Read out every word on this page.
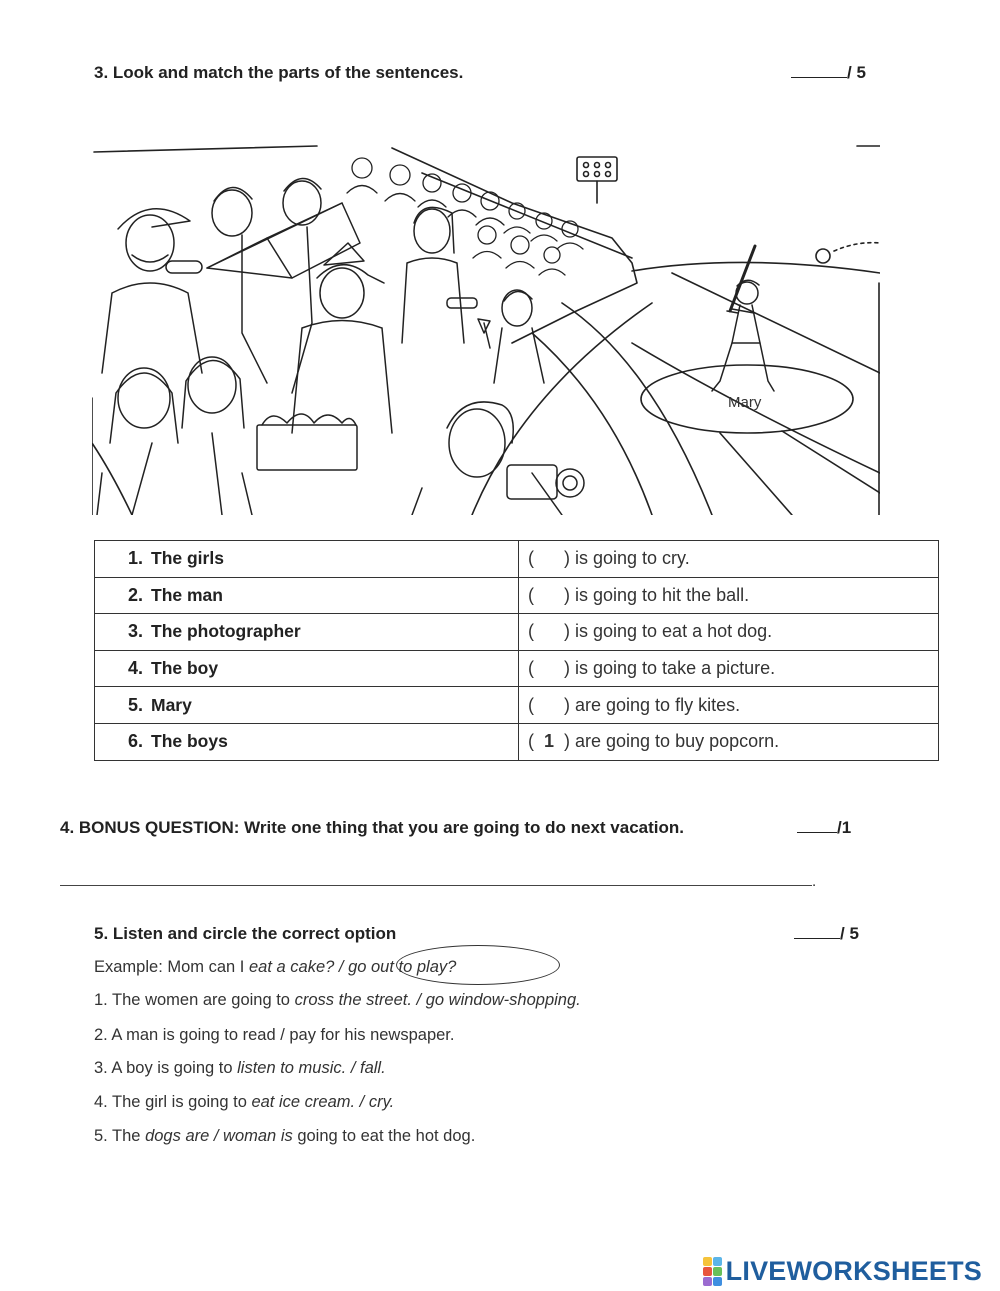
3. Look and match the parts of the sentences.	/ 5
Mary
1. The girls	( ) is going to cry.
2. The man	( ) is going to hit the ball.
3. The photographer	( ) is going to eat a hot dog.
4. The boy	( ) is going to take a picture.
5. Mary	( ) are going to fly kites.
6. The boys	( 1 ) are going to buy popcorn.
4. BONUS QUESTION: Write one thing that you are going to do next vacation.	/1
.
5. Listen and circle the correct option	/ 5
Example: Mom can I eat a cake? / go out to play?
1. The women are going to cross the street. / go window-shopping.
2. A man is going to read / pay for his newspaper.
3. A boy is going to listen to music. / fall.
4. The girl is going to eat ice cream. / cry.
5. The dogs are / woman is going to eat the hot dog.
LIVEWORKSHEETS
